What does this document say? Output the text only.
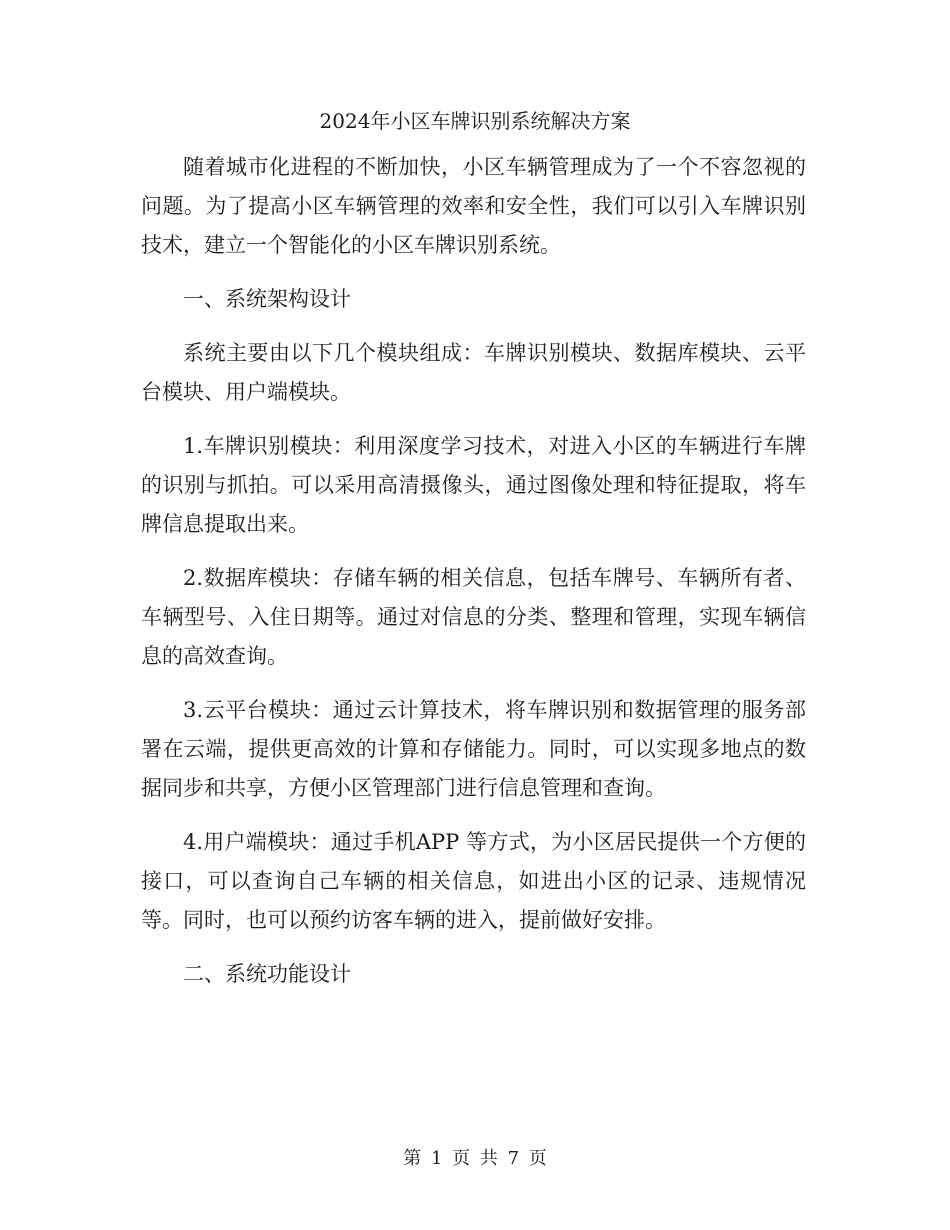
2024年小区车牌识别系统解决方案

随着城市化进程的不断加快，小区车辆管理成为了一个不容忽视的问题。为了提高小区车辆管理的效率和安全性，我们可以引入车牌识别技术，建立一个智能化的小区车牌识别系统。

一、系统架构设计

系统主要由以下几个模块组成：车牌识别模块、数据库模块、云平台模块、用户端模块。

1.车牌识别模块：利用深度学习技术，对进入小区的车辆进行车牌的识别与抓拍。可以采用高清摄像头，通过图像处理和特征提取，将车牌信息提取出来。

2.数据库模块：存储车辆的相关信息，包括车牌号、车辆所有者、车辆型号、入住日期等。通过对信息的分类、整理和管理，实现车辆信息的高效查询。

3.云平台模块：通过云计算技术，将车牌识别和数据管理的服务部署在云端，提供更高效的计算和存储能力。同时，可以实现多地点的数据同步和共享，方便小区管理部门进行信息管理和查询。

4.用户端模块：通过手机APP 等方式，为小区居民提供一个方便的接口，可以查询自己车辆的相关信息，如进出小区的记录、违规情况等。同时，也可以预约访客车辆的进入，提前做好安排。

二、系统功能设计

第 1 页 共 7 页
